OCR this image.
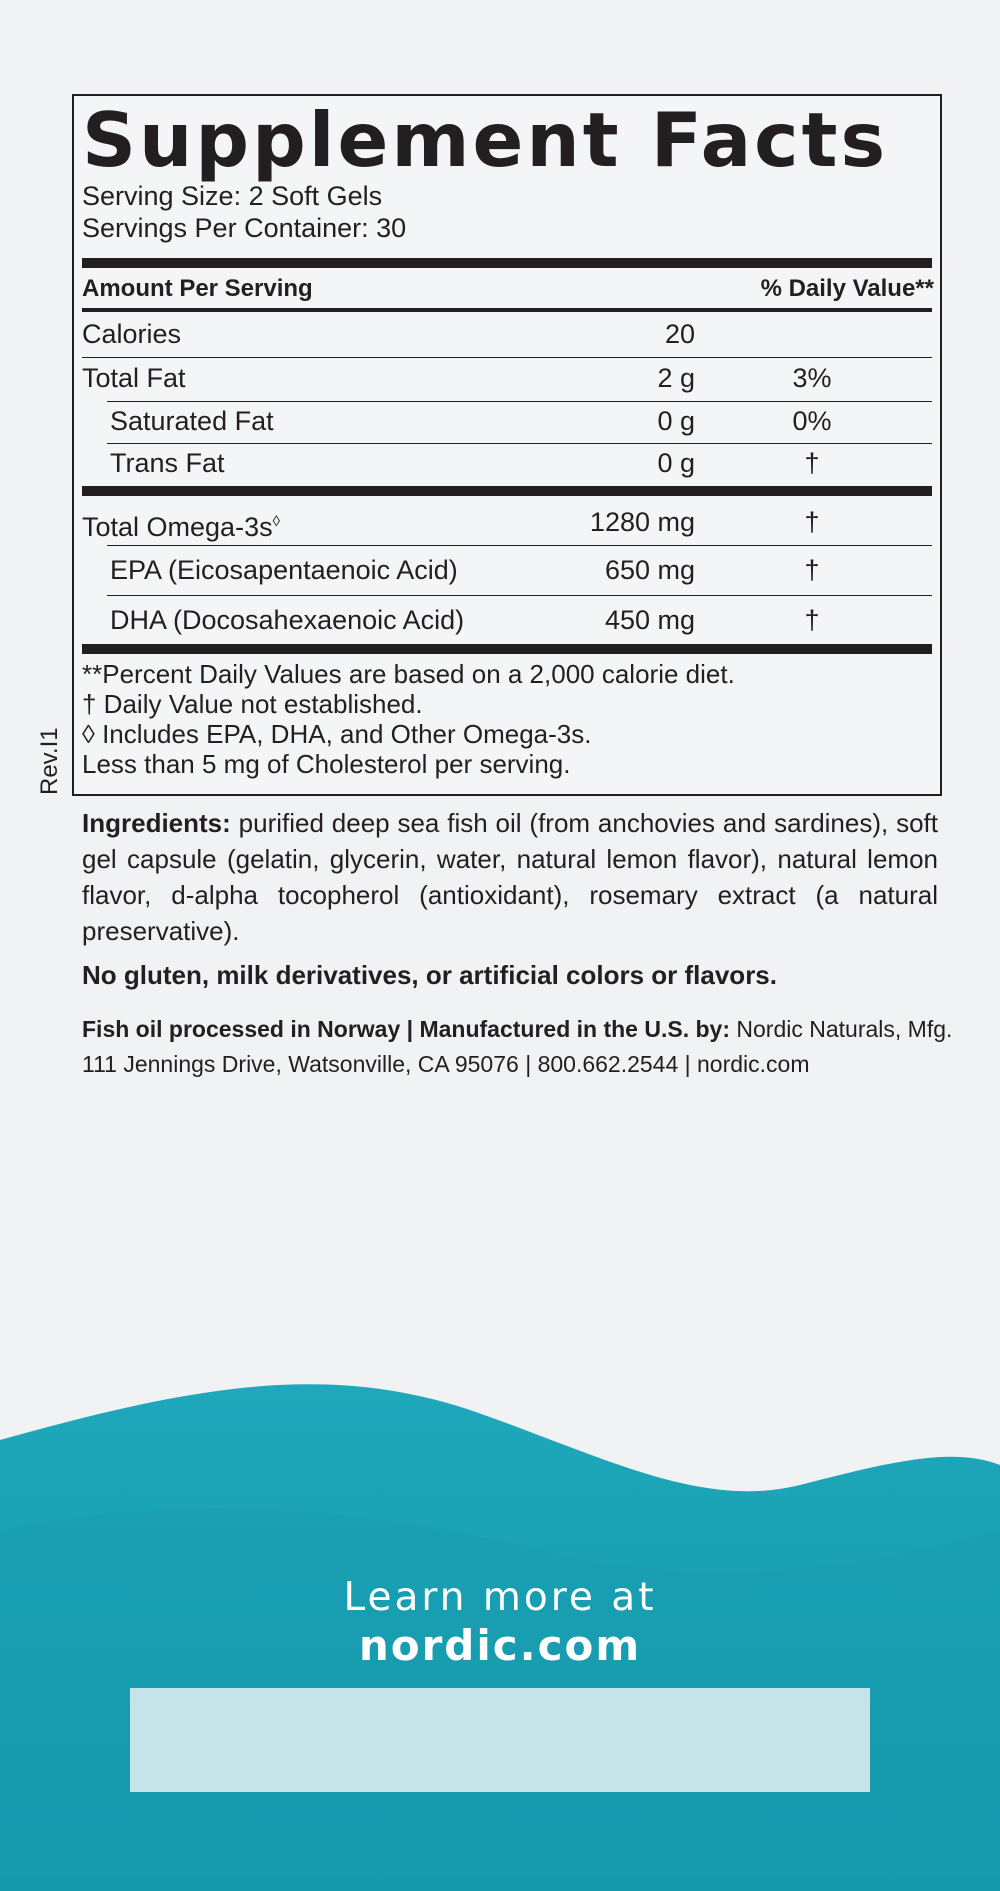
Supplement Facts
Serving Size: 2 Soft Gels
Servings Per Container: 30
Amount Per Serving	% Daily Value**
Calories	20
Total Fat	2 g	3%
Saturated Fat	0 g	0%
Trans Fat	0 g	†
Total Omega-3s◊	1280 mg	†
EPA (Eicosapentaenoic Acid)	650 mg	†
DHA (Docosahexaenoic Acid)	450 mg	†
**Percent Daily Values are based on a 2,000 calorie diet.
† Daily Value not established.
◊ Includes EPA, DHA, and Other Omega-3s.
Less than 5 mg of Cholesterol per serving.
Rev.I1
Ingredients: purified deep sea fish oil (from anchovies and sardines), soft gel capsule (gelatin, glycerin, water, natural lemon flavor), natural lemon flavor, d-alpha tocopherol (antioxidant), rosemary extract (a natural preservative).
No gluten, milk derivatives, or artificial colors or flavors.
Fish oil processed in Norway | Manufactured in the U.S. by: Nordic Naturals, Mfg.
111 Jennings Drive, Watsonville, CA 95076 | 800.662.2544 | nordic.com
Learn more at
nordic.com
